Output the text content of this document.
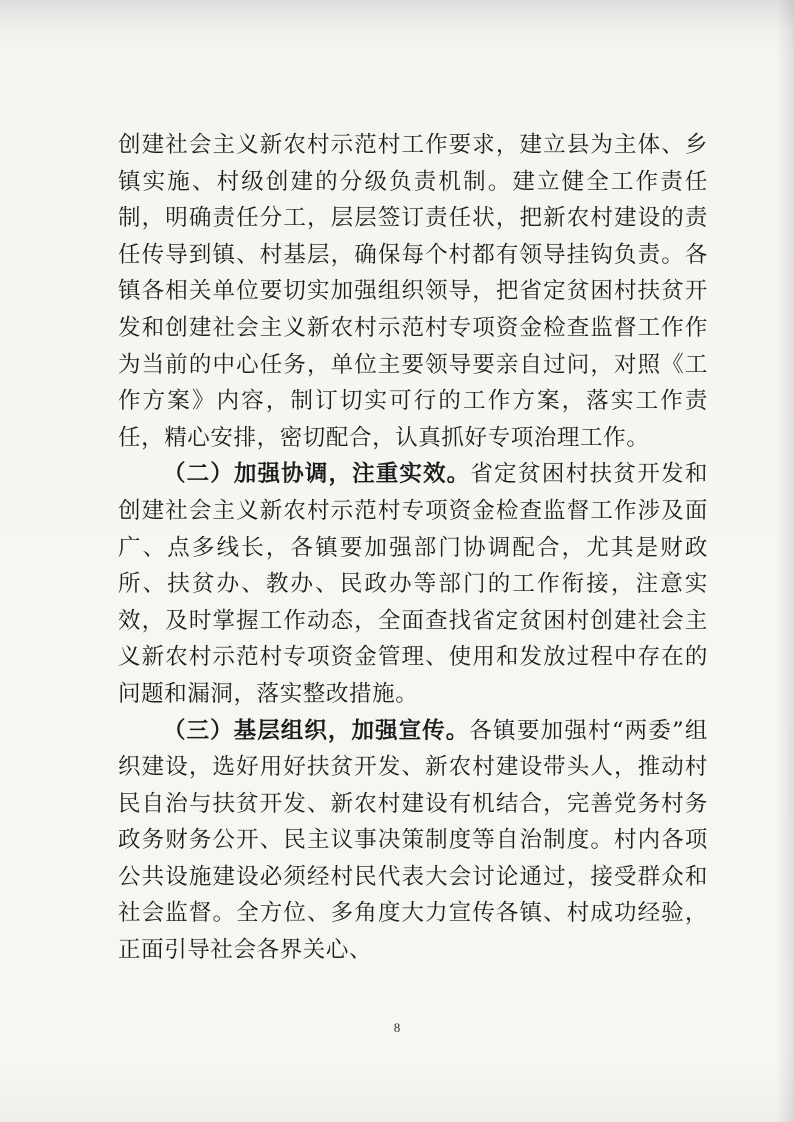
创建社会主义新农村示范村工作要求，建立县为主体、乡镇实施、村级创建的分级负责机制。建立健全工作责任制，明确责任分工，层层签订责任状，把新农村建设的责任传导到镇、村基层，确保每个村都有领导挂钩负责。各镇各相关单位要切实加强组织领导，把省定贫困村扶贫开发和创建社会主义新农村示范村专项资金检查监督工作作为当前的中心任务，单位主要领导要亲自过问，对照《工作方案》内容，制订切实可行的工作方案，落实工作责任，精心安排，密切配合，认真抓好专项治理工作。

（二）加强协调，注重实效。省定贫困村扶贫开发和创建社会主义新农村示范村专项资金检查监督工作涉及面广、点多线长，各镇要加强部门协调配合，尤其是财政所、扶贫办、教办、民政办等部门的工作衔接，注意实效，及时掌握工作动态，全面查找省定贫困村创建社会主义新农村示范村专项资金管理、使用和发放过程中存在的问题和漏洞，落实整改措施。

（三）基层组织，加强宣传。各镇要加强村“两委”组织建设，选好用好扶贫开发、新农村建设带头人，推动村民自治与扶贫开发、新农村建设有机结合，完善党务村务政务财务公开、民主议事决策制度等自治制度。村内各项公共设施建设必须经村民代表大会讨论通过，接受群众和社会监督。全方位、多角度大力宣传各镇、村成功经验，正面引导社会各界关心、

8
